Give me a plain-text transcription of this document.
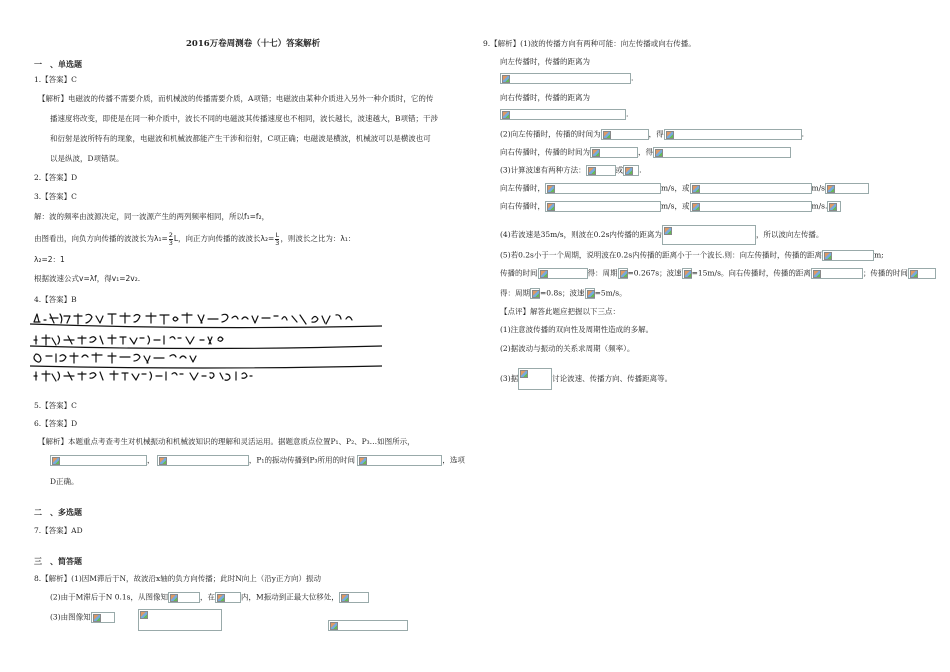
2016万卷周测卷（十七）答案解析
一　、单选题
1.【答案】C
【解析】电磁波的传播不需要介质，而机械波的传播需要介质，A项错；电磁波由某种介质进入另外一种介质时，它的传
播速度将改变，即使是在同一种介质中，波长不同的电磁波其传播速度也不相同，波长越长，波速越大，B项错；干涉
和衍射是波所特有的现象，电磁波和机械波都能产生干涉和衍射，C项正确；电磁波是横波，机械波可以是横波也可
以是纵波，D项错误。
2.【答案】D
3.【答案】C
解：波的频率由波源决定，同一波源产生的两列频率相同，所以f₁=f₂，
由图看出，向负方向传播的波波长为$\lambda_1= \frac{2}{3}$ L，向正方向传播的波波长$\lambda_2= \frac{L}{3}$ ，则波长之比为：λ₁：
λ₂=2：1
根据波速公式v=λf，得v₁=2v₂.
4.【答案】B
5.【答案】C
6.【答案】D
【解析】本题重点考查考生对机械振动和机械波知识的理解和灵活运用。据题意质点位置P₁、P₂、P₃…如图所示，
，	，P₁的振动传播到P₃所用的时间	，选项
D正确。
二　、多选题
7.【答案】AD
三　、简答题
8.【解析】(1)因M滞后于N，故波沿x轴的负方向传播；此时N向上（沿y正方向）振动
(2)由于M滞后于N 0.1s，从图像知	，在	内，M振动到正最大位移处，
(3)由图像知

9.【解析】(1)波的传播方向有两种可能：向左传播或向右传播。
向左传播时，传播的距离为
.
向右传播时，传播的距离为
.
(2)向左传播时，传播的时间为	，得	.
向右传播时，传播的时间为	，得
(3)计算波速有两种方法：	或 .
向左传播时，	m/s，或	m/s
向右传播时，	m/s，或	m/s.
(4)若波速是35m/s，则波在0.2s内传播的距离为	，所以波向左传播。
(5)若0.2s小于一个周期，说明波在0.2s内传播的距离小于一个波长.则：向左传播时，传播的距离	m;
传播的时间	得：周期 =0.267s；波速 =15m/s。向右传播时，传播的距离	；传播的时间
得：周期 =0.8s；波速 =5m/s。
【点评】解答此题应把握以下三点：
(1)注意波传播的双向性及周期性造成的多解。
(2)据波动与振动的关系求周期（频率）。
(3)据	讨论波速、传播方向、传播距离等。
